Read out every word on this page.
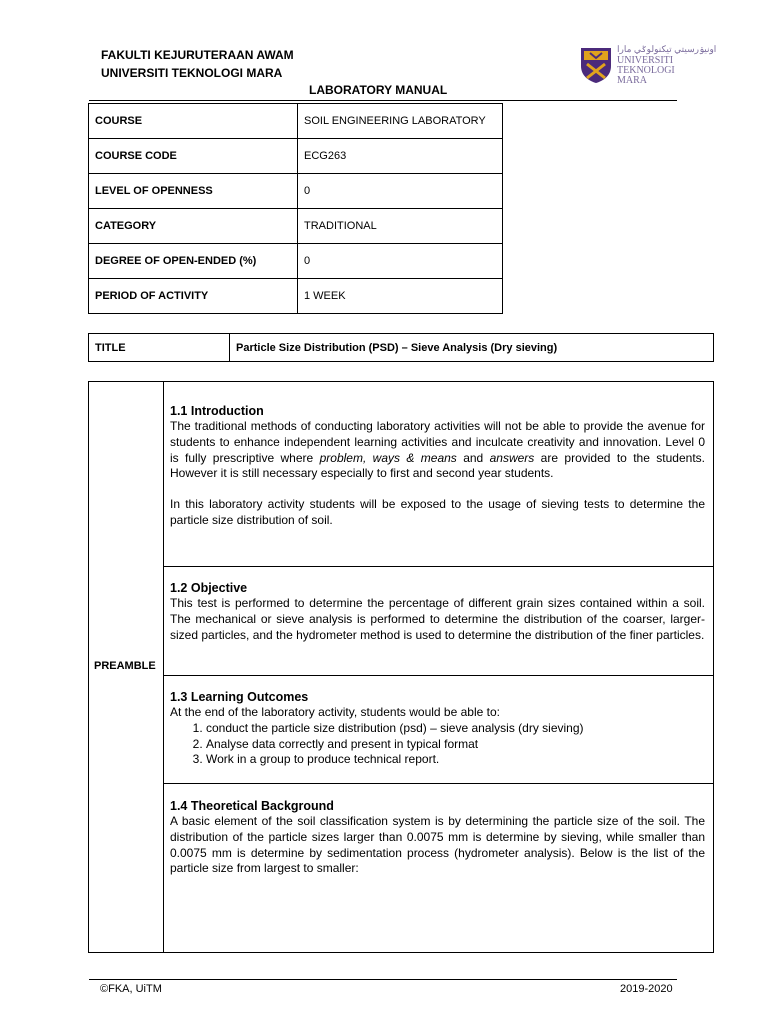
FAKULTI KEJURUTERAAN AWAM
UNIVERSITI TEKNOLOGI MARA
LABORATORY MANUAL
اونيۏرسيتي تيكنولوݢي مارا
UNIVERSITI
TEKNOLOGI
MARA
COURSE	SOIL ENGINEERING LABORATORY
COURSE CODE	ECG263
LEVEL OF OPENNESS	0
CATEGORY	TRADITIONAL
DEGREE OF OPEN-ENDED (%)	0
PERIOD OF ACTIVITY	1 WEEK
TITLE	Particle Size Distribution (PSD) – Sieve Analysis (Dry sieving)
PREAMBLE
1.1 Introduction

The traditional methods of conducting laboratory activities will not be able to provide the avenue for students to enhance independent learning activities and inculcate creativity and innovation. Level 0 is fully prescriptive where problem, ways & means and answers are provided to the students. However it is still necessary especially to first and second year students.

In this laboratory activity students will be exposed to the usage of sieving tests to determine the particle size distribution of soil.

1.2 Objective

This test is performed to determine the percentage of different grain sizes contained within a soil. The mechanical or sieve analysis is performed to determine the distribution of the coarser, larger-sized particles, and the hydrometer method is used to determine the distribution of the finer particles.

1.3 Learning Outcomes

At the end of the laboratory activity, students would be able to:

1. conduct the particle size distribution (psd) – sieve analysis (dry sieving)
2. Analyse data correctly and present in typical format
3. Work in a group to produce technical report.
1.4 Theoretical Background

A basic element of the soil classification system is by determining the particle size of the soil. The distribution of the particle sizes larger than 0.0075 mm is determine by sieving, while smaller than 0.0075 mm is determine by sedimentation process (hydrometer analysis). Below is the list of the particle size from largest to smaller:

©FKA, UiTM	2019-2020
